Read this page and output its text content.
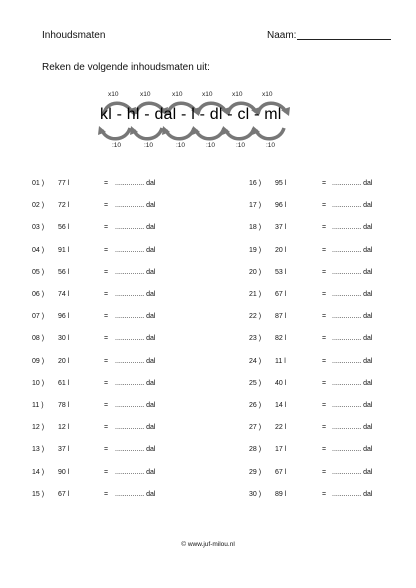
Inhoudsmaten	Naam:
Reken de volgende inhoudsmaten uit:
kl - hl - dal - l - dl - cl - ml
x10
:10
x10
:10
x10
:10
x10
:10
x10
:10
x10
:10
01 ) 77 l	= ............... dal
02 ) 72 l	= ............... dal
03 ) 56 l	= ............... dal
04 ) 91 l	= ............... dal
05 ) 56 l	= ............... dal
06 ) 74 l	= ............... dal
07 ) 96 l	= ............... dal
08 ) 30 l	= ............... dal
09 ) 20 l	= ............... dal
10 ) 61 l	= ............... dal
11 ) 78 l	= ............... dal
12 ) 12 l	= ............... dal
13 ) 37 l	= ............... dal
14 ) 90 l	= ............... dal
15 ) 67 l	= ............... dal
16 ) 95 l	= ............... dal
17 ) 96 l	= ............... dal
18 ) 37 l	= ............... dal
19 ) 20 l	= ............... dal
20 ) 53 l	= ............... dal
21 ) 67 l	= ............... dal
22 ) 87 l	= ............... dal
23 ) 82 l	= ............... dal
24 ) 11 l	= ............... dal
25 ) 40 l	= ............... dal
26 ) 14 l	= ............... dal
27 ) 22 l	= ............... dal
28 ) 17 l	= ............... dal
29 ) 67 l	= ............... dal
30 ) 89 l	= ............... dal
© www.juf-milou.nl
